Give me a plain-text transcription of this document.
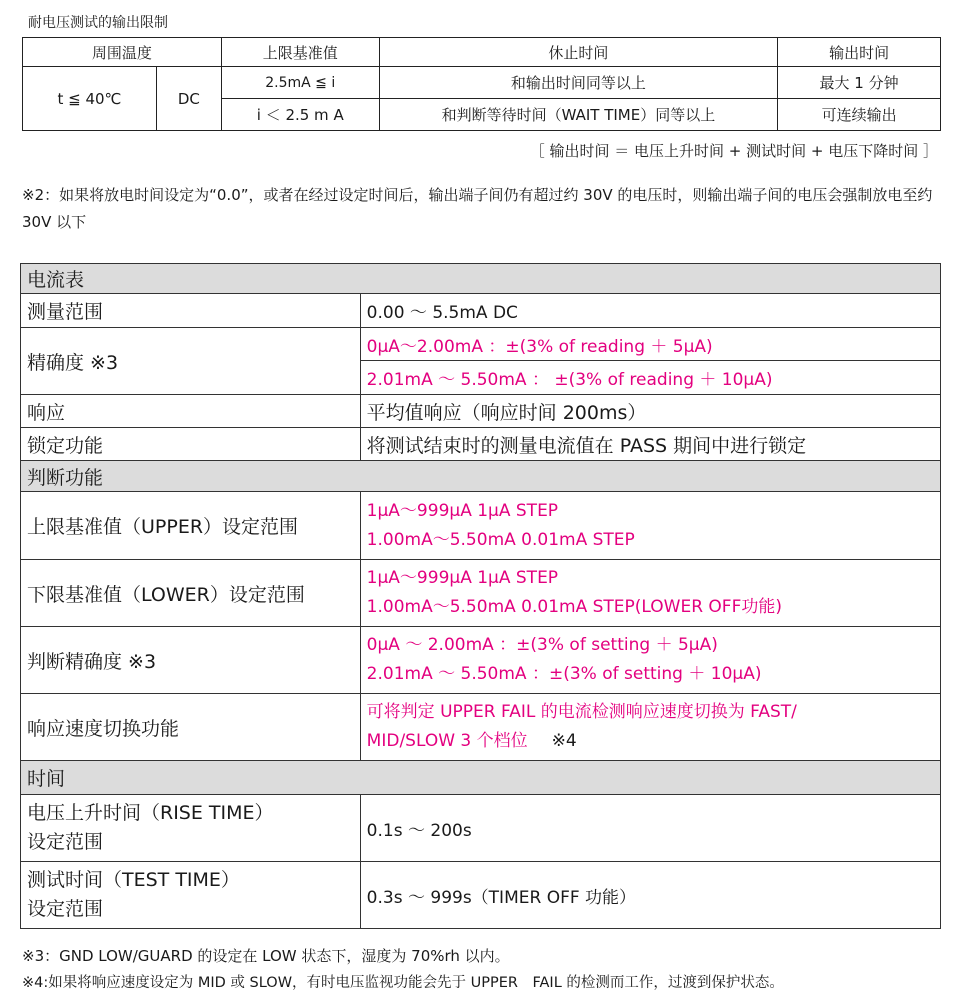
耐电压测试的输出限制
周围温度		上限基准值	休止时间	输出时间
t ≦ 40℃	DC	2.5mA ≦ i	和输出时间同等以上	最大 1 分钟
		i ＜ 2.5 m A	和判断等待时间（WAIT TIME）同等以上	可连续输出
［ 输出时间 ＝ 电压上升时间 + 测试时间 + 电压下降时间 ］
※2：如果将放电时间设定为“0.0”，或者在经过设定时间后，输出端子间仍有超过约 30V 的电压时，则输出端子间的电压会强制放电至约 30V 以下
电流表	
测量范围	0.00 ～ 5.5mA DC
精确度 ※3	0μA～2.00mA ：±(3% of reading ＋ 5μA)
	2.01mA ～ 5.50mA ： ±(3% of reading ＋ 10μA)
响应	平均值响应（响应时间 200ms）
锁定功能	将测试结束时的测量电流值在 PASS 期间中进行锁定
判断功能	
上限基准值（UPPER）设定范围	1μA～999μA 1μA STEP
1.00mA～5.50mA 0.01mA STEP

下限基准值（LOWER）设定范围	1μA～999μA 1μA STEP
1.00mA～5.50mA 0.01mA STEP(LOWER OFF功能)

判断精确度 ※3	0μA ～ 2.00mA ：±(3% of setting ＋ 5μA)
2.01mA ～ 5.50mA ：±(3% of setting ＋ 10μA)

响应速度切换功能	可将判定 UPPER FAIL 的电流检测响应速度切换为 FAST/
MID/SLOW 3 个档位 ※4

时间	

电压上升时间（RISE TIME）
设定范围	0.1s ～ 200s

测试时间（TEST TIME）
设定范围	0.3s ～ 999s（TIMER OFF 功能）
※3：GND LOW/GUARD 的设定在 LOW 状态下，湿度为 70%rh 以内。
※4:如果将响应速度设定为 MID 或 SLOW，有时电压监视功能会先于 UPPER　FAIL 的检测而工作，过渡到保护状态。
